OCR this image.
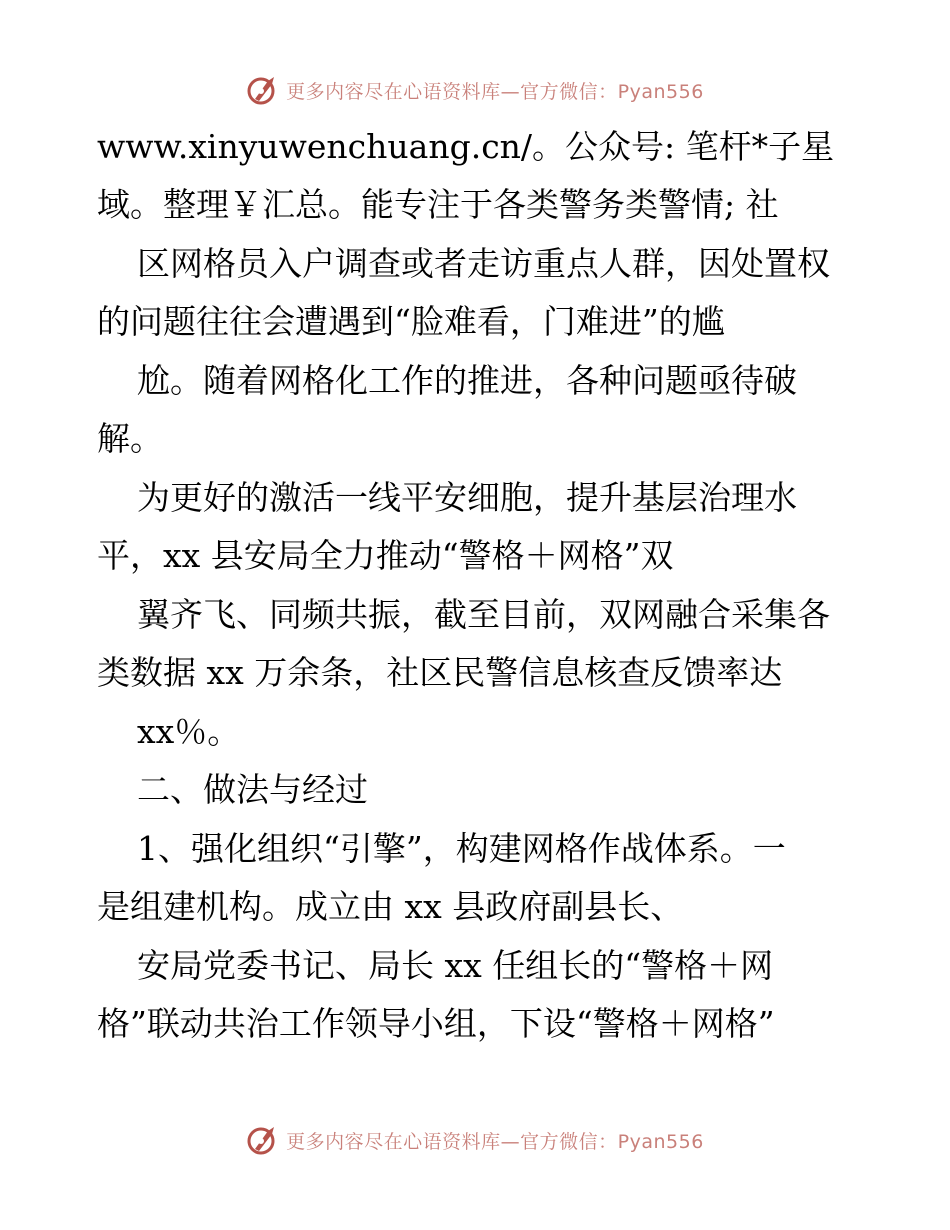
更多内容尽在心语资料库—官方微信：Pyan556
www.xinyuwenchuang.cn/。公众号: 笔杆*子星
域。整理￥汇总。能专注于各类警务类警情; 社
区网格员入户调查或者走访重点人群，因处置权
的问题往往会遭遇到“脸难看，门难进”的尴
尬。随着网格化工作的推进，各种问题亟待破
解。
为更好的激活一线平安细胞，提升基层治理水
平，xx 县安局全力推动“警格＋网格”双
翼齐飞、同频共振，截至目前，双网融合采集各
类数据 xx 万余条，社区民警信息核查反馈率达
xx％。
二、做法与经过
1、强化组织“引擎”，构建网格作战体系。一
是组建机构。成立由 xx 县政府副县长、
安局党委书记、局长 xx 任组长的“警格＋网
格”联动共治工作领导小组，下设“警格＋网格”
更多内容尽在心语资料库—官方微信：Pyan556
